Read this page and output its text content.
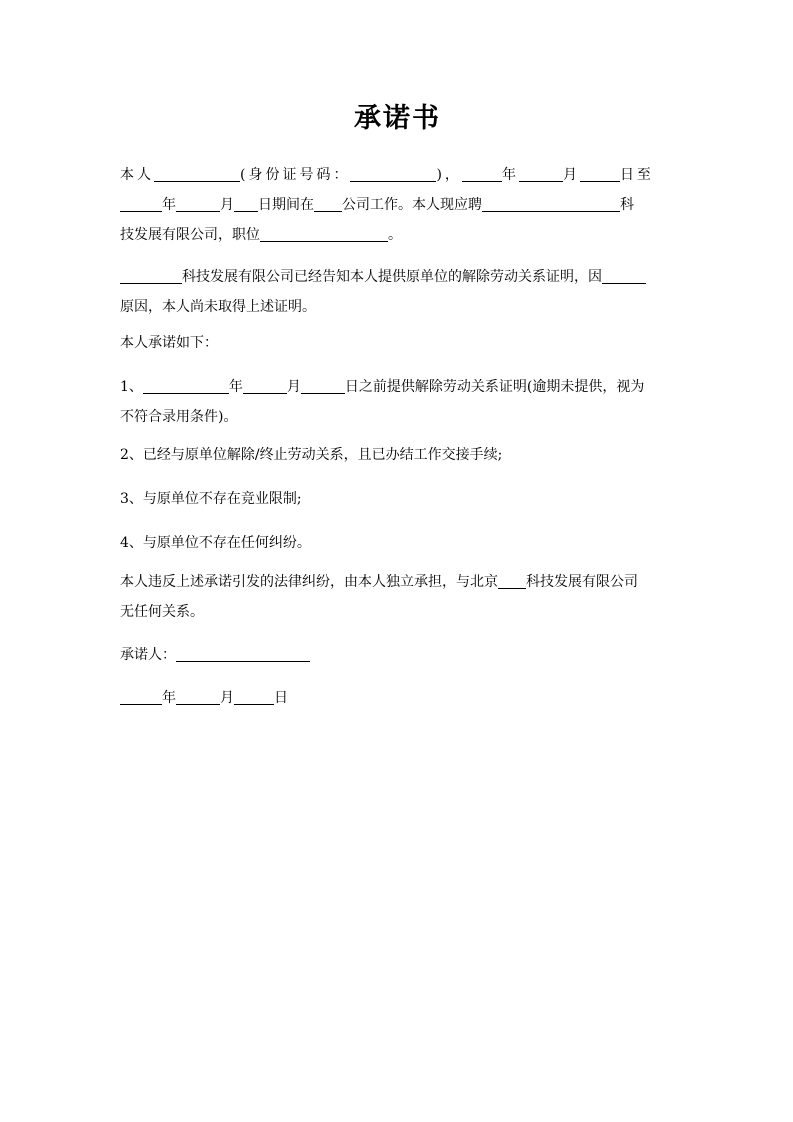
承诺书
本人	(身份证号码：	)，	年	月	日至
年	月 日期间在 公司工作。本人现应聘	科
技发展有限公司，职位	。
科技发展有限公司已经告知本人提供原单位的解除劳动关系证明，因
原因，本人尚未取得上述证明。
本人承诺如下：
1、	年	月	日之前提供解除劳动关系证明(逾期未提供，视为
不符合录用条件)。
2、已经与原单位解除/终止劳动关系，且已办结工作交接手续;
3、与原单位不存在竞业限制;
4、与原单位不存在任何纠纷。
本人违反上述承诺引发的法律纠纷，由本人独立承担，与北京 科技发展有限公司
无任何关系。
承诺人：
年	月	日
